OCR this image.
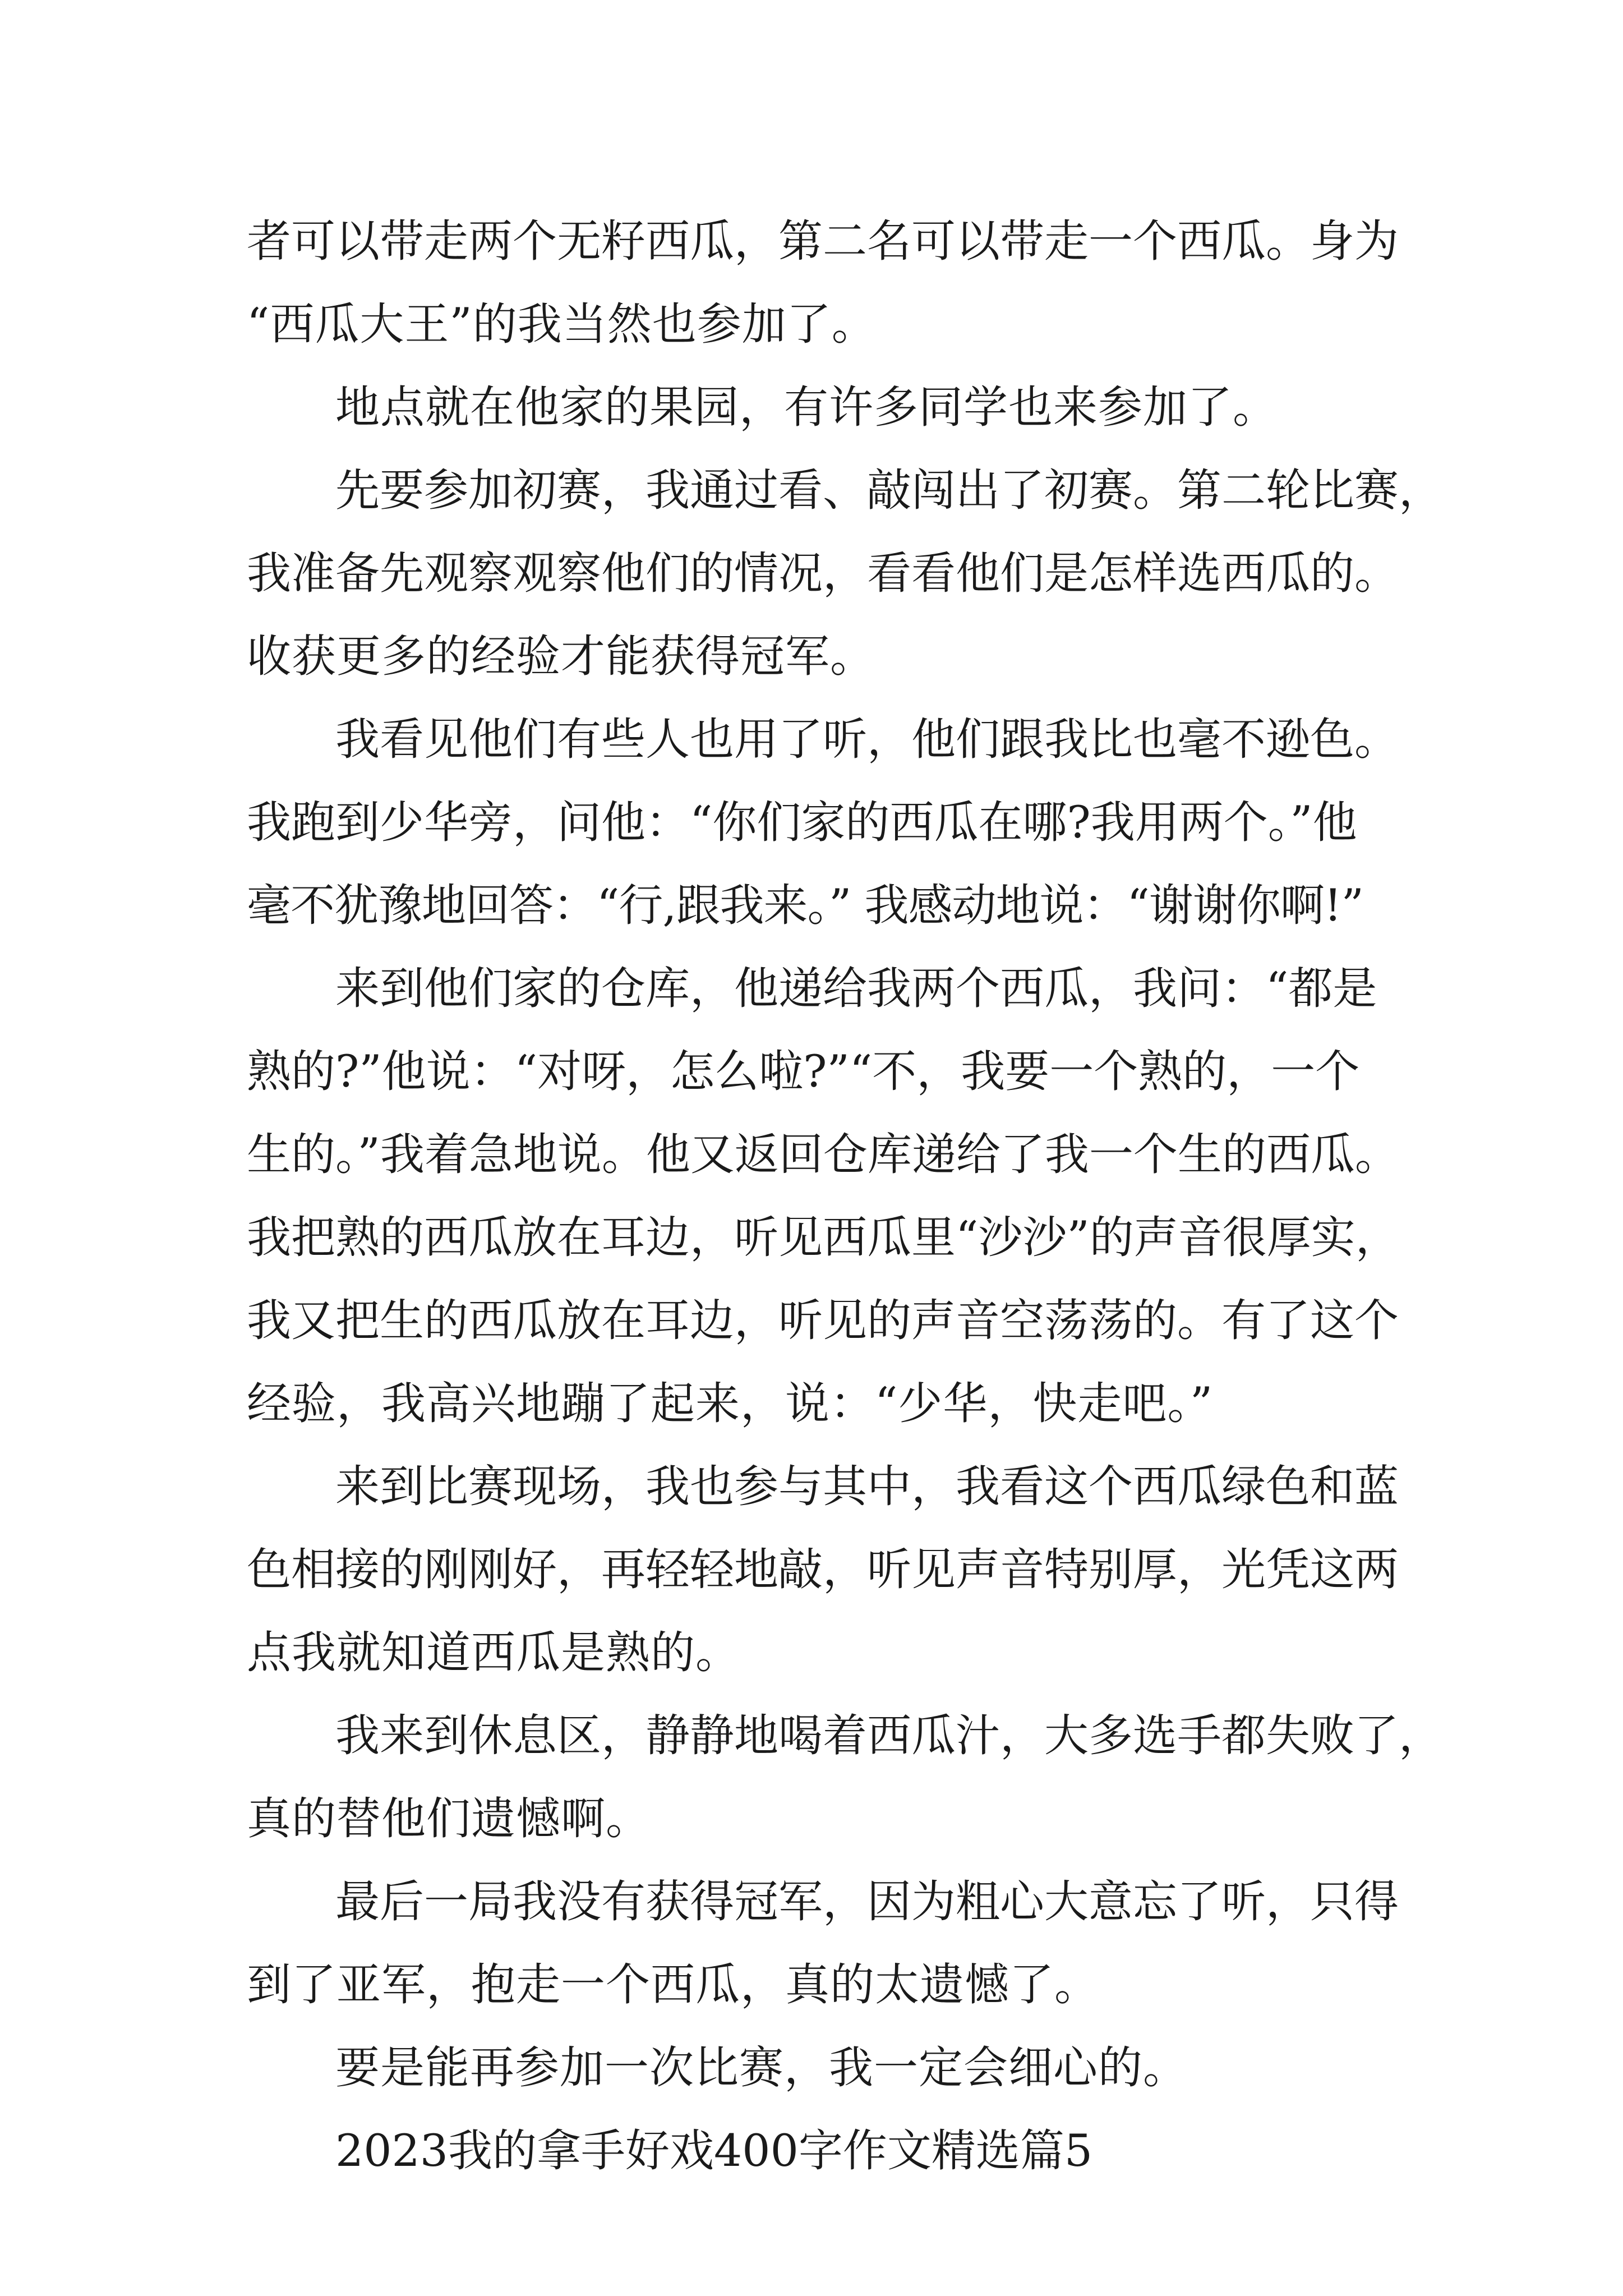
者可以带走两个无籽西瓜，第二名可以带走一个西瓜。身为
“西瓜大王”的我当然也参加了。
地点就在他家的果园，有许多同学也来参加了。
先要参加初赛，我通过看、敲闯出了初赛。第二轮比赛，
我准备先观察观察他们的情况，看看他们是怎样选西瓜的。
收获更多的经验才能获得冠军。
我看见他们有些人也用了听，他们跟我比也毫不逊色。
我跑到少华旁，问他：“你们家的西瓜在哪?我用两个。”他
毫不犹豫地回答：“行,跟我来。” 我感动地说：“谢谢你啊!”
来到他们家的仓库，他递给我两个西瓜，我问：“都是
熟的?”他说：“对呀，怎么啦?”“不，我要一个熟的，一个
生的。”我着急地说。他又返回仓库递给了我一个生的西瓜。
我把熟的西瓜放在耳边，听见西瓜里“沙沙”的声音很厚实，
我又把生的西瓜放在耳边，听见的声音空荡荡的。有了这个
经验，我高兴地蹦了起来，说：“少华，快走吧。”
来到比赛现场，我也参与其中，我看这个西瓜绿色和蓝
色相接的刚刚好，再轻轻地敲，听见声音特别厚，光凭这两
点我就知道西瓜是熟的。
我来到休息区，静静地喝着西瓜汁，大多选手都失败了，
真的替他们遗憾啊。
最后一局我没有获得冠军，因为粗心大意忘了听，只得
到了亚军，抱走一个西瓜，真的太遗憾了。
要是能再参加一次比赛，我一定会细心的。
2023我的拿手好戏400字作文精选篇5
